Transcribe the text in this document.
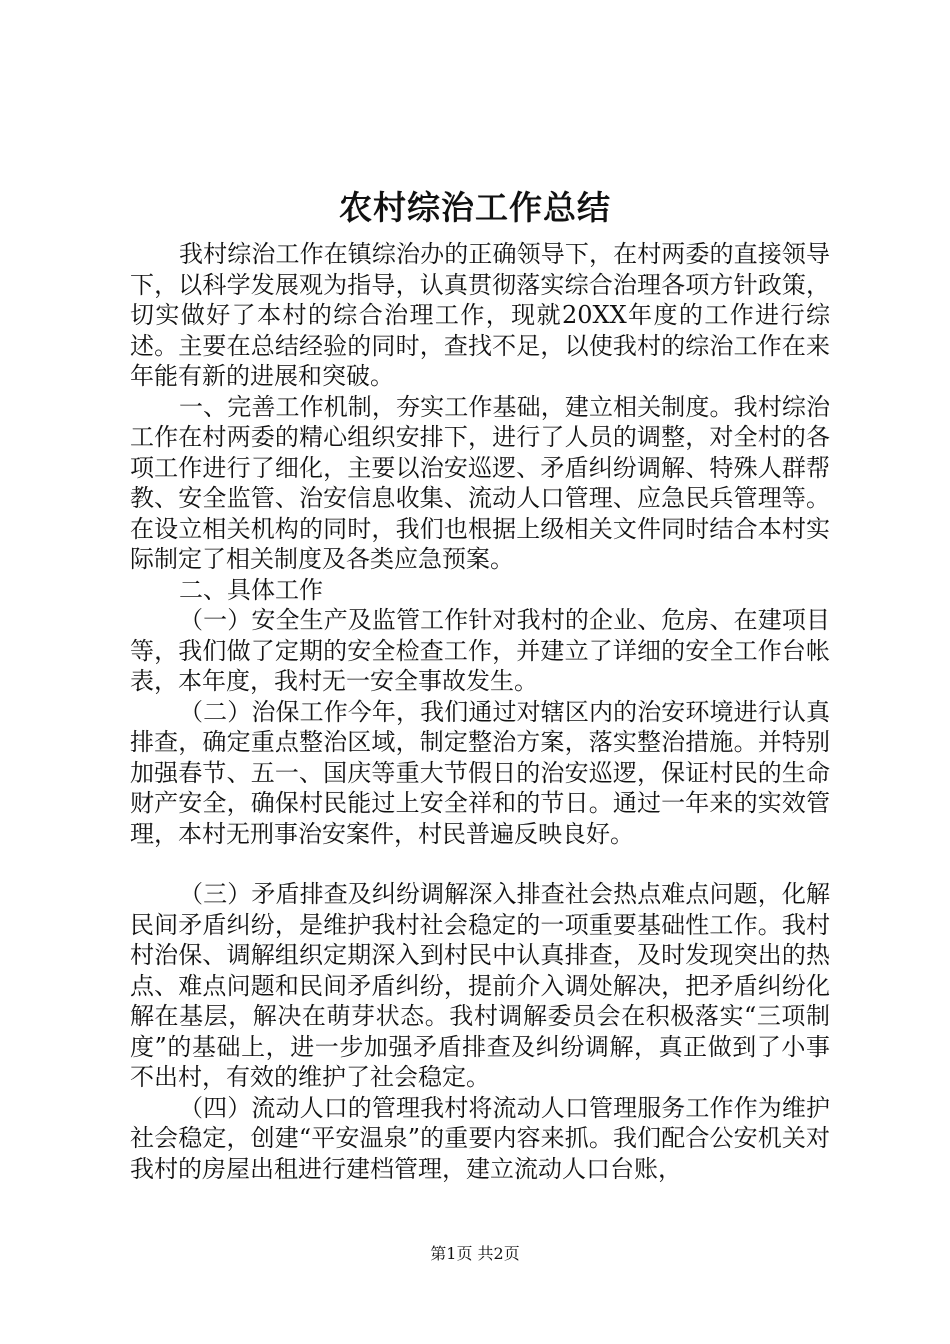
农村综治工作总结

我村综治工作在镇综治办的正确领导下，在村两委的直接领导下，以科学发展观为指导，认真贯彻落实综合治理各项方针政策，切实做好了本村的综合治理工作，现就20XX年度的工作进行综述。主要在总结经验的同时，查找不足，以使我村的综治工作在来年能有新的进展和突破。

一、完善工作机制，夯实工作基础，建立相关制度。我村综治工作在村两委的精心组织安排下，进行了人员的调整，对全村的各项工作进行了细化，主要以治安巡逻、矛盾纠纷调解、特殊人群帮教、安全监管、治安信息收集、流动人口管理、应急民兵管理等。在设立相关机构的同时，我们也根据上级相关文件同时结合本村实际制定了相关制度及各类应急预案。

二、具体工作

（一）安全生产及监管工作针对我村的企业、危房、在建项目等，我们做了定期的安全检查工作，并建立了详细的安全工作台帐表，本年度，我村无一安全事故发生。

（二）治保工作今年，我们通过对辖区内的治安环境进行认真排查，确定重点整治区域，制定整治方案，落实整治措施。并特别加强春节、五一、国庆等重大节假日的治安巡逻，保证村民的生命财产安全，确保村民能过上安全祥和的节日。通过一年来的实效管理，本村无刑事治安案件，村民普遍反映良好。

（三）矛盾排查及纠纷调解深入排查社会热点难点问题，化解民间矛盾纠纷，是维护我村社会稳定的一项重要基础性工作。我村村治保、调解组织定期深入到村民中认真排查，及时发现突出的热点、难点问题和民间矛盾纠纷，提前介入调处解决，把矛盾纠纷化解在基层，解决在萌芽状态。我村调解委员会在积极落实“三项制度”的基础上，进一步加强矛盾排查及纠纷调解，真正做到了小事不出村，有效的维护了社会稳定。

（四）流动人口的管理我村将流动人口管理服务工作作为维护社会稳定，创建“平安温泉”的重要内容来抓。我们配合公安机关对我村的房屋出租进行建档管理，建立流动人口台账，

第1页 共2页
